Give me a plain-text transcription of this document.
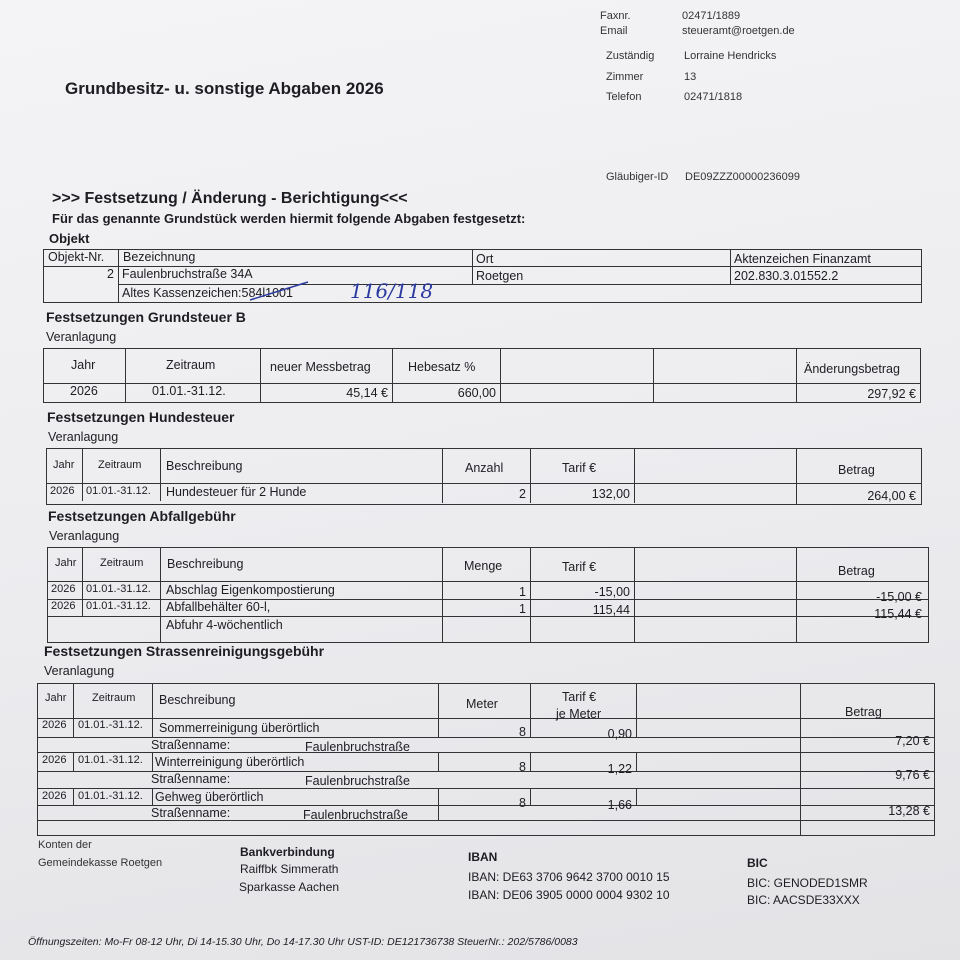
Faxnr.	02471/1889
Email	steueramt@roetgen.de
Zuständig	Lorraine Hendricks
Zimmer	13
Telefon	02471/1818
Grundbesitz- u. sonstige Abgaben 2026
Gläubiger-ID DE09ZZZ00000236099
>>> Festsetzung / Änderung - Berichtigung<<<
Für das genannte Grundstück werden hiermit folgende Abgaben festgesetzt:
Objekt
Objekt-Nr. Bezeichnung	Ort	Aktenzeichen Finanzamt
2 Faulenbruchstraße 34A	Roetgen	202.830.3.01552.2
Altes Kassenzeichen:584l1001	116/118
Festsetzungen Grundsteuer B
Veranlagung
Jahr	Zeitraum	neuer Messbetrag	Hebesatz %	Änderungsbetrag
2026	01.01.-31.12.	45,14 €	660,00	297,92 €
Festsetzungen Hundesteuer
Veranlagung
Jahr Zeitraum Beschreibung	Anzahl	Tarif €	Betrag
2026 01.01.-31.12. Hundesteuer für 2 Hunde	2	132,00	264,00 €
Festsetzungen Abfallgebühr
Veranlagung
Jahr Zeitraum Beschreibung	Menge	Tarif €	Betrag
2026 01.01.-31.12. Abschlag Eigenkompostierung	1	-15,00	-15,00 €
2026 01.01.-31.12. Abfallbehälter 60-l,	1	115,44	115,44 €
Abfuhr 4-wöchentlich
Festsetzungen Strassenreinigungsgebühr
Veranlagung
Jahr Zeitraum Beschreibung	Meter	Tarif €
je Meter	Betrag
2026 01.01.-31.12. Sommerreinigung überörtlich	8	0,90	7,20 €
Straßenname:	Faulenbruchstraße
2026 01.01.-31.12. Winterreinigung überörtlich	8	1,22	9,76 €
Straßenname:	Faulenbruchstraße
2026 01.01.-31.12. Gehweg überörtlich	8	1,66	13,28 €
Straßenname:	Faulenbruchstraße
Konten der
Gemeindekasse Roetgen
Bankverbindung
Raiffbk Simmerath
Sparkasse Aachen
IBAN
IBAN: DE63 3706 9642 3700 0010 15
IBAN: DE06 3905 0000 0004 9302 10
BIC
BIC: GENODED1SMR
BIC: AACSDE33XXX
Öffnungszeiten: Mo-Fr 08-12 Uhr, Di 14-15.30 Uhr, Do 14-17.30 Uhr UST-ID: DE121736738 SteuerNr.: 202/5786/0083
